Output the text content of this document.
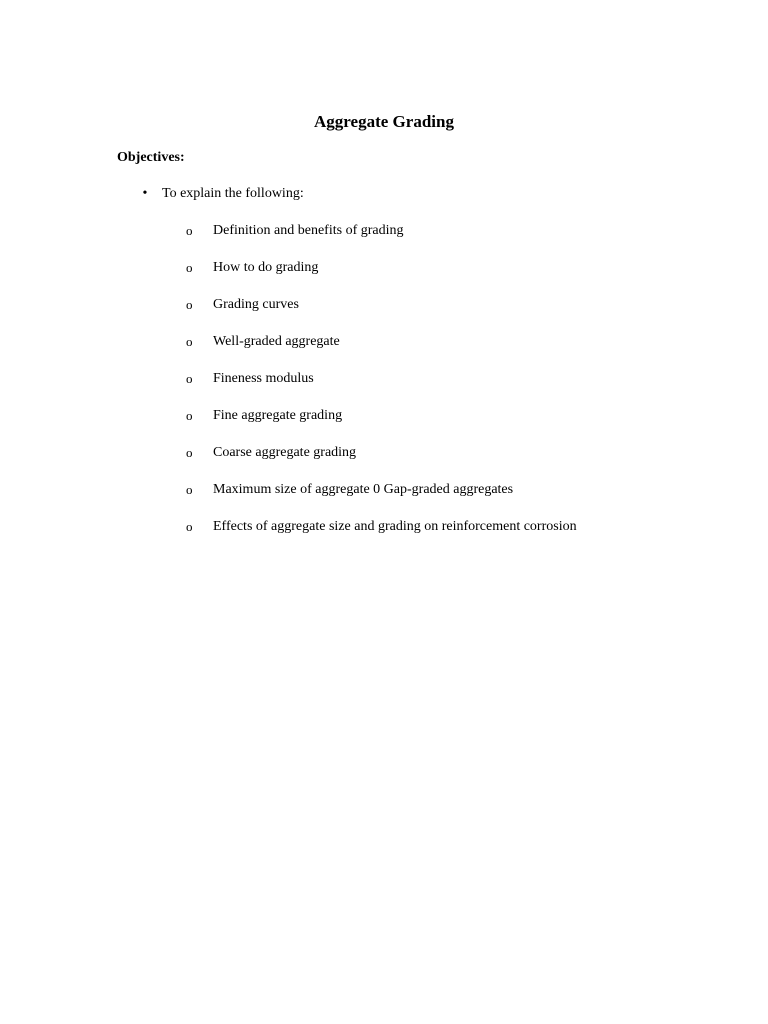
Aggregate Grading
Objectives:
• To explain the following:
o Definition and benefits of grading
o How to do grading
o Grading curves
o Well-graded aggregate
o Fineness modulus
o Fine aggregate grading
o Coarse aggregate grading
o Maximum size of aggregate 0 Gap-graded aggregates
o Effects of aggregate size and grading on reinforcement corrosion
